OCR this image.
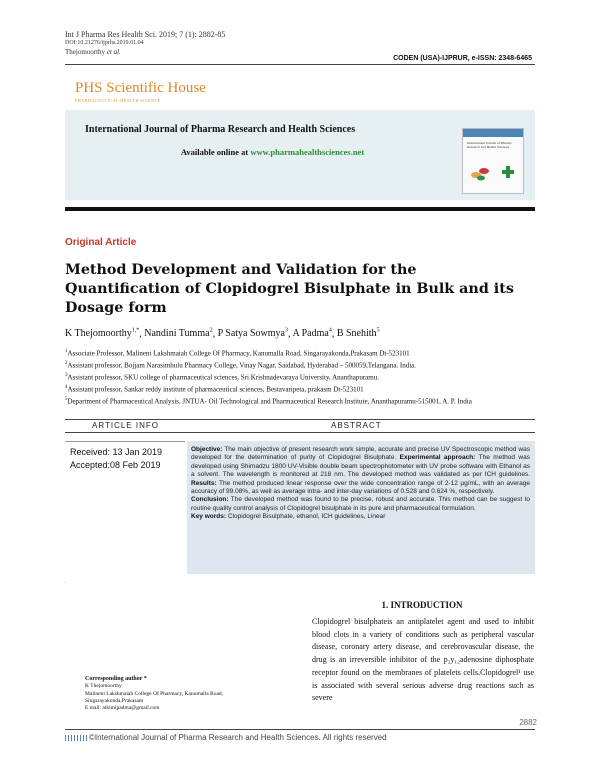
Int J Pharma Res Health Sci. 2019; 7 (1): 2882-85
DOI:10.21276/ijprhs.2019.01.04
Thejomoorthy et al.
CODEN (USA)-IJPRUR, e-ISSN: 2348-6465
PHS Scientific House
PHARMACEUTICAL HEALTH SCIENCE
International Journal of Pharma Research and Health Sciences
Available online at www.pharmahealthsciences.net
International Journal of Pharma Research and Health Sciences
Original Article
Method Development and Validation for the Quantification of Clopidogrel Bisulphate in Bulk and its Dosage form
K Thejomoorthy$^{1,*}$, Nandini Tumma$^2$, P Satya Sowmya$^3$, A Padma$^4$, B Snehith$^5$
$^1$Associate Professor, Malineni Lakshmaiah College Of Pharmacy, Kanumalla Road, Singarayakonda,Prakasam Dt-523101
$^2$Assistant professor, Bojjam Narasimhulu Pharmacy College, Vinay Nagar, Saidabad, Hyderabad – 500059,Telangana. India.
$^3$Assistant professor, SKU college of pharmaceutical sciences, Sri Krishnadevaraya University, Ananthapuramu.
$^4$Assistant professor, Sankar reddy institute of pharmaceutical sciences, Bestavaripeta, prakasm Dt-523101
$^5$Department of Pharmaceutical Analysis, JNTUA- Oil Technological and Pharmaceutical Research Institute, Ananthapuramu-515001, A. P. India
ARTICLE INFO	ABSTRACT
Received: 13 Jan 2019
Accepted:08 Feb 2019
Objective: The main objective of present research work simple, accurate and precise UV Spectroscopic method was developed for the determination of purity of Clopidogrel Bisulphate. Experimental approach: The method was developed using Shimadzu 1800 UV-Visible double beam spectrophotometer with UV probe software with Ethanol as a solvent. The wavelength is monitored at 218 nm. The developed method was validated as per ICH guidelines. Results: The method produced linear response over the wide concentration range of 2-12 µg/mL, with an average accuracy of 99.08%, as well as average intra- and inter-day variations of 0.528 and 0.624 %, respectively.
Conclusion: The developed method was found to be precise, robust and accurate. This method can be suggest to routine quality control analysis of Clopidogrel bisulphate in its pure and pharmaceutical formulation.
Key words: Clopidogrel Bisulphate, ethanol, ICH guidelines, Linear
.
1. INTRODUCTION
Clopidogrel bisulphateis an antiplatelet agent and used to inhibit blood clots in a variety of conditions such as peripheral vascular disease, coronary artery disease, and cerebrovascular disease, the drug is an irreversible inhibitor of the p₂y₁₂adenosine diphosphate receptor found on the membranes of platelets cells.Clopidogrel¹ use is associated with several serious adverse drug reactions such as severe
Corresponding author *
K Thejomoorthy
Malineni Lakshmaiah College Of Pharmacy, Kanumalla Road,
Singarayakonda,Prakasam
E mail: alkimipadma@gmail.com
2882
©International Journal of Pharma Research and Health Sciences. All rights reserved
